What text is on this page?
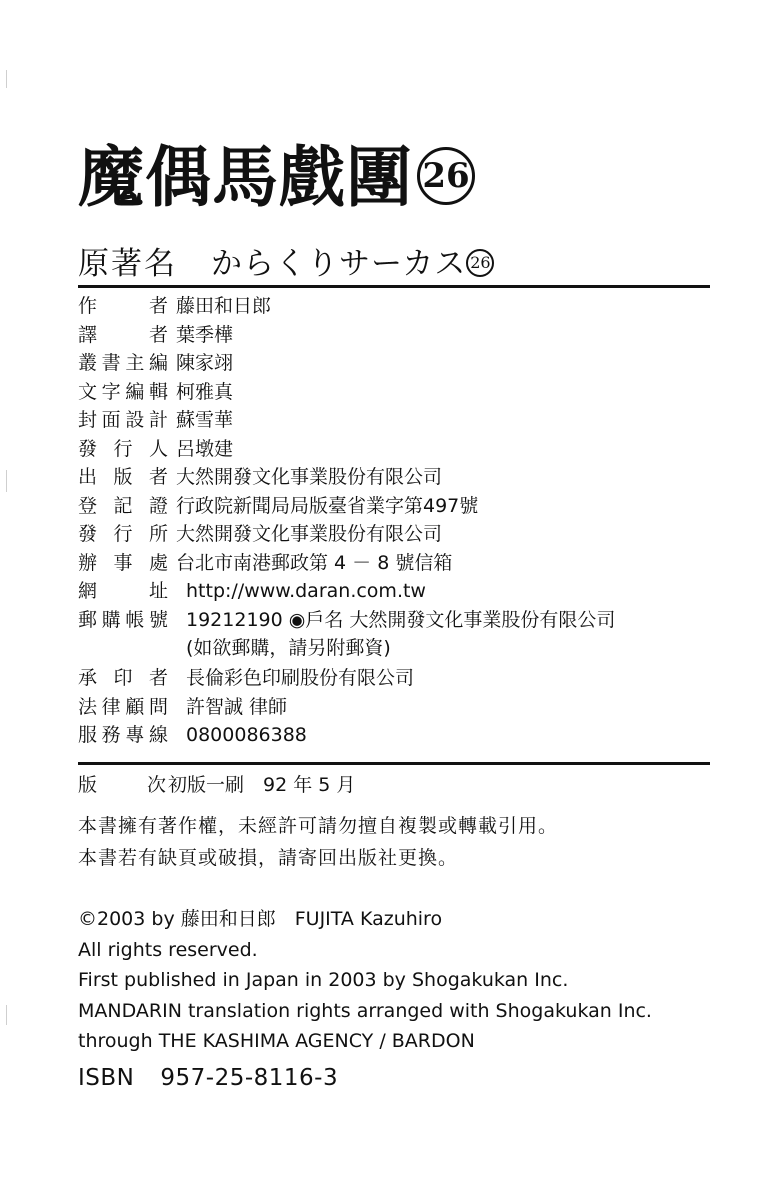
魔偶馬戲團 26
原著名 からくりサーカス 26
作	者 藤田和日郎
譯	者 葉季樺
叢 書 主 編 陳家翊
文 字 編 輯 柯雅真
封 面 設 計 蘇雪華
發 行 人 呂墩建
出 版 者 大然開發文化事業股份有限公司
登 記 證 行政院新聞局局版臺省業字第497號
發 行 所 大然開發文化事業股份有限公司
辦 事 處 台北市南港郵政第 4 － 8 號信箱
網	址 http://www.daran.com.tw
郵 購 帳 號 19212190 ◉戶名 大然開發文化事業股份有限公司
(如欲郵購，請另附郵資)
承 印 者 長倫彩色印刷股份有限公司
法 律 顧 問 許智誠 律師
服 務 專 線 0800086388
版	次 初版一刷　92 年 5 月
本書擁有著作權，未經許可請勿擅自複製或轉載引用。
本書若有缺頁或破損，請寄回出版社更換。
©2003 by 藤田和日郎　FUJITA Kazuhiro
All rights reserved.
First published in Japan in 2003 by Shogakukan Inc.
MANDARIN translation rights arranged with Shogakukan Inc.
through THE KASHIMA AGENCY / BARDON
ISBN 957-25-8116-3
